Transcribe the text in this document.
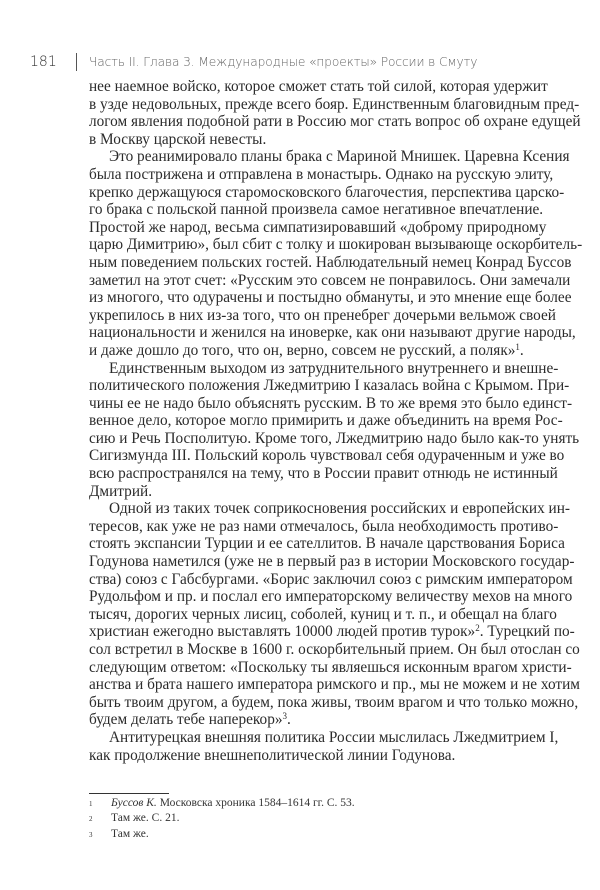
181	Часть II. Глава 3. Международные «проекты» России в Смуту
нее наемное войско, которое сможет стать той силой, которая удержит
в узде недовольных, прежде всего бояр. Единственным благовидным пред-
логом явления подобной рати в Россию мог стать вопрос об охране едущей
в Москву царской невесты.
Это реанимировало планы брака с Мариной Мнишек. Царевна Ксения
была пострижена и отправлена в монастырь. Однако на русскую элиту,
крепко держащуюся старомосковского благочестия, перспектива царско-
го брака с польской панной произвела самое негативное впечатление.
Простой же народ, весьма симпатизировавший «доброму природному
царю Димитрию», был сбит с толку и шокирован вызывающе оскорбитель-
ным поведением польских гостей. Наблюдательный немец Конрад Буссов
заметил на этот счет: «Русским это совсем не понравилось. Они замечали
из многого, что одурачены и постыдно обмануты, и это мнение еще более
укрепилось в них из-за того, что он пренебрег дочерьми вельмож своей
национальности и женился на иноверке, как они называют другие народы,
и даже дошло до того, что он, верно, совсем не русский, а поляк»$^1$.
Единственным выходом из затруднительного внутреннего и внешне-
политического положения Лжедмитрию I казалась война с Крымом. При-
чины ее не надо было объяснять русским. В то же время это было единст-
венное дело, которое могло примирить и даже объединить на время Рос-
сию и Речь Посполитую. Кроме того, Лжедмитрию надо было как-то унять
Сигизмунда III. Польский король чувствовал себя одураченным и уже во
всю распространялся на тему, что в России правит отнюдь не истинный
Дмитрий.
Одной из таких точек соприкосновения российских и европейских ин-
тересов, как уже не раз нами отмечалось, была необходимость противо-
стоять экспансии Турции и ее сателлитов. В начале царствования Бориса
Годунова наметился (уже не в первый раз в истории Московского государ-
ства) союз с Габсбургами. «Борис заключил союз с римским императором
Рудольфом и пр. и послал его императорскому величеству мехов на много
тысяч, дорогих черных лисиц, соболей, куниц и т. п., и обещал на благо
христиан ежегодно выставлять 10000 людей против турок»$^2$. Турецкий по-
сол встретил в Москве в 1600 г. оскорбительный прием. Он был отослан со
следующим ответом: «Поскольку ты являешься исконным врагом христи-
анства и брата нашего императора римского и пр., мы не можем и не хотим
быть твоим другом, а будем, пока живы, твоим врагом и что только можно,
будем делать тебе наперекор»$^3$.
Антитурецкая внешняя политика России мыслилась Лжедмитрием I,
как продолжение внешнеполитической линии Годунова.
1	Буссов К. Московска хроника 1584–1614 гг. С. 53.
2	Там же. С. 21.
3	Там же.
